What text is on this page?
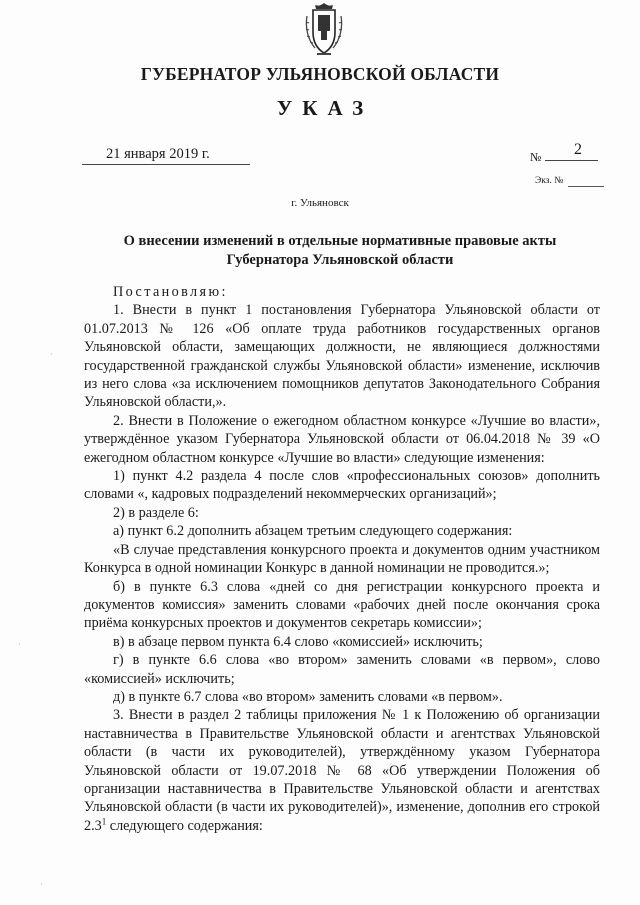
ГУБЕРНАТОР УЛЬЯНОВСКОЙ ОБЛАСТИ
УКАЗ
21 января 2019 г.	№ 2
Экз. №
г. Ульяновск
О внесении изменений в отдельные нормативные правовые акты
Губернатора Ульяновской области

Постановляю:

1. Внести в пункт 1 постановления Губернатора Ульяновской области от 01.07.2013 № 126 «Об оплате труда работников государственных органов Ульяновской области, замещающих должности, не являющиеся должностями государственной гражданской службы Ульяновской области» изменение, исключив из него слова «за исключением помощников депутатов Законодательного Собрания Ульяновской области,».

2. Внести в Положение о ежегодном областном конкурсе «Лучшие во власти», утверждённое указом Губернатора Ульяновской области от 06.04.2018 № 39 «О ежегодном областном конкурсе «Лучшие во власти» следующие изменения:

1) пункт 4.2 раздела 4 после слов «профессиональных союзов» дополнить словами «, кадровых подразделений некоммерческих организаций»;

2) в разделе 6:

а) пункт 6.2 дополнить абзацем третьим следующего содержания:

«В случае представления конкурсного проекта и документов одним участником Конкурса в одной номинации Конкурс в данной номинации не проводится.»;

б) в пункте 6.3 слова «дней со дня регистрации конкурсного проекта и документов комиссия» заменить словами «рабочих дней после окончания срока приёма конкурсных проектов и документов секретарь комиссии»;

в) в абзаце первом пункта 6.4 слово «комиссией» исключить;

г) в пункте 6.6 слова «во втором» заменить словами «в первом», слово «комиссией» исключить;

д) в пункте 6.7 слова «во втором» заменить словами «в первом».

3. Внести в раздел 2 таблицы приложения № 1 к Положению об организации наставничества в Правительстве Ульяновской области и агентствах Ульяновской области (в части их руководителей), утверждённому указом Губернатора Ульяновской области от 19.07.2018 № 68 «Об утверждении Положения об организации наставничества в Правительстве Ульяновской области и агентствах Ульяновской области (в части их руководителей)», изменение, дополнив его строкой $2.3^1$ следующего содержания:

·
·
·
